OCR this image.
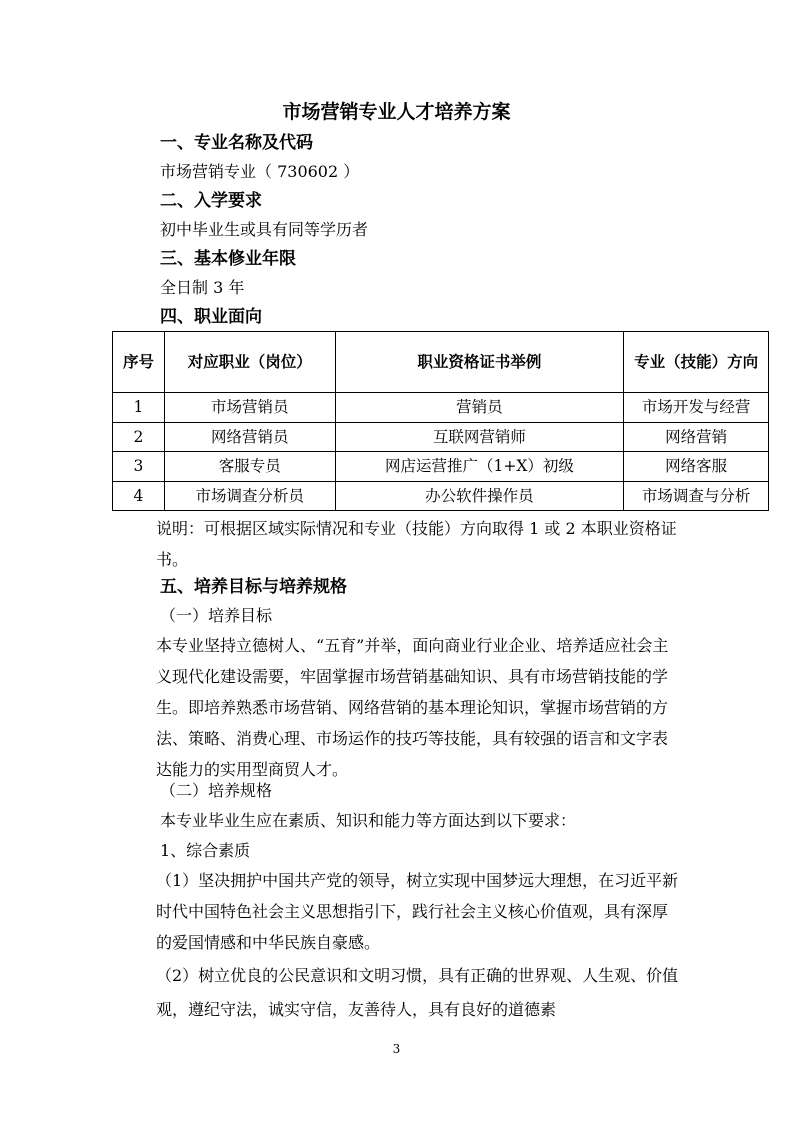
市场营销专业人才培养方案
一、专业名称及代码
市场营销专业（ 730602 ）
二、入学要求
初中毕业生或具有同等学历者
三、基本修业年限
全日制 3 年
四、职业面向
序号	对应职业（岗位）	职业资格证书举例	专业（技能）方向
1	市场营销员	营销员	市场开发与经营
2	网络营销员	互联网营销师	网络营销
3	客服专员	网店运营推广（1+X）初级	网络客服
4	市场调查分析员	办公软件操作员	市场调查与分析
说明：可根据区域实际情况和专业（技能）方向取得 1 或 2 本职业资格证书。
五、培养目标与培养规格
（一）培养目标
本专业坚持立德树人、“五育”并举，面向商业行业企业、培养适应社会主义现代化建设需要，牢固掌握市场营销基础知识、具有市场营销技能的学生。即培养熟悉市场营销、网络营销的基本理论知识，掌握市场营销的方法、策略、消费心理、市场运作的技巧等技能，具有较强的语言和文字表达能力的实用型商贸人才。
（二）培养规格
本专业毕业生应在素质、知识和能力等方面达到以下要求：
1、综合素质
（1）坚决拥护中国共产党的领导，树立实现中国梦远大理想，在习近平新时代中国特色社会主义思想指引下，践行社会主义核心价值观，具有深厚的爱国情感和中华民族自豪感。
（2）树立优良的公民意识和文明习惯，具有正确的世界观、人生观、价值观，遵纪守法，诚实守信，友善待人，具有良好的道德素
3
